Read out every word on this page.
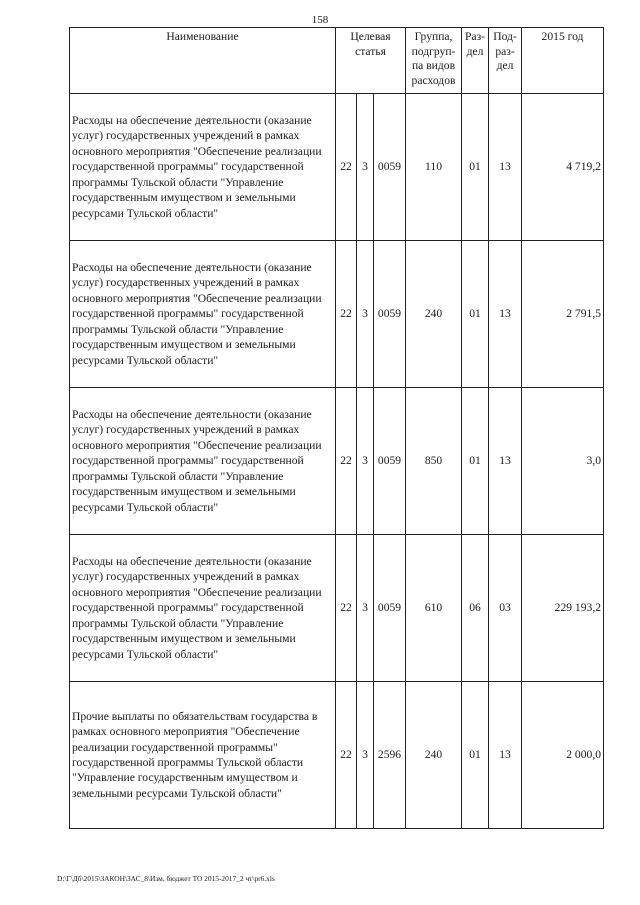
158
Наименование	Целевая статья			Группа, подгруп-па видов расходов	Раз-дел	Под-раз-дел	2015 год
Расходы на обеспечение деятельности (оказание услуг) государственных учреждений в рамках основного мероприятия "Обеспечение реализации государственной программы" государственной программы Тульской области "Управление государственным имуществом и земельными ресурсами Тульской области"	22	3	0059	110	01	13	4 719,2
Расходы на обеспечение деятельности (оказание услуг) государственных учреждений в рамках основного мероприятия "Обеспечение реализации государственной программы" государственной программы Тульской области "Управление государственным имуществом и земельными ресурсами Тульской области"	22	3	0059	240	01	13	2 791,5
Расходы на обеспечение деятельности (оказание услуг) государственных учреждений в рамках основного мероприятия "Обеспечение реализации государственной программы" государственной программы Тульской области "Управление государственным имуществом и земельными ресурсами Тульской области"	22	3	0059	850	01	13	3,0
Расходы на обеспечение деятельности (оказание услуг) государственных учреждений в рамках основного мероприятия "Обеспечение реализации государственной программы" государственной программы Тульской области "Управление государственным имуществом и земельными ресурсами Тульской области"	22	3	0059	610	06	03	229 193,2
Прочие выплаты по обязательствам государства в рамках основного мероприятия "Обеспечение реализации государственной программы" государственной программы Тульской области "Управление государственным имуществом и земельными ресурсами Тульской области"	22	3	2596	240	01	13	2 000,0
D:\Г\Дб\2015\ЗАКОН\ЗАС_8\Изм, бюджет ТО 2015-2017_2 чт\pr6.xls
